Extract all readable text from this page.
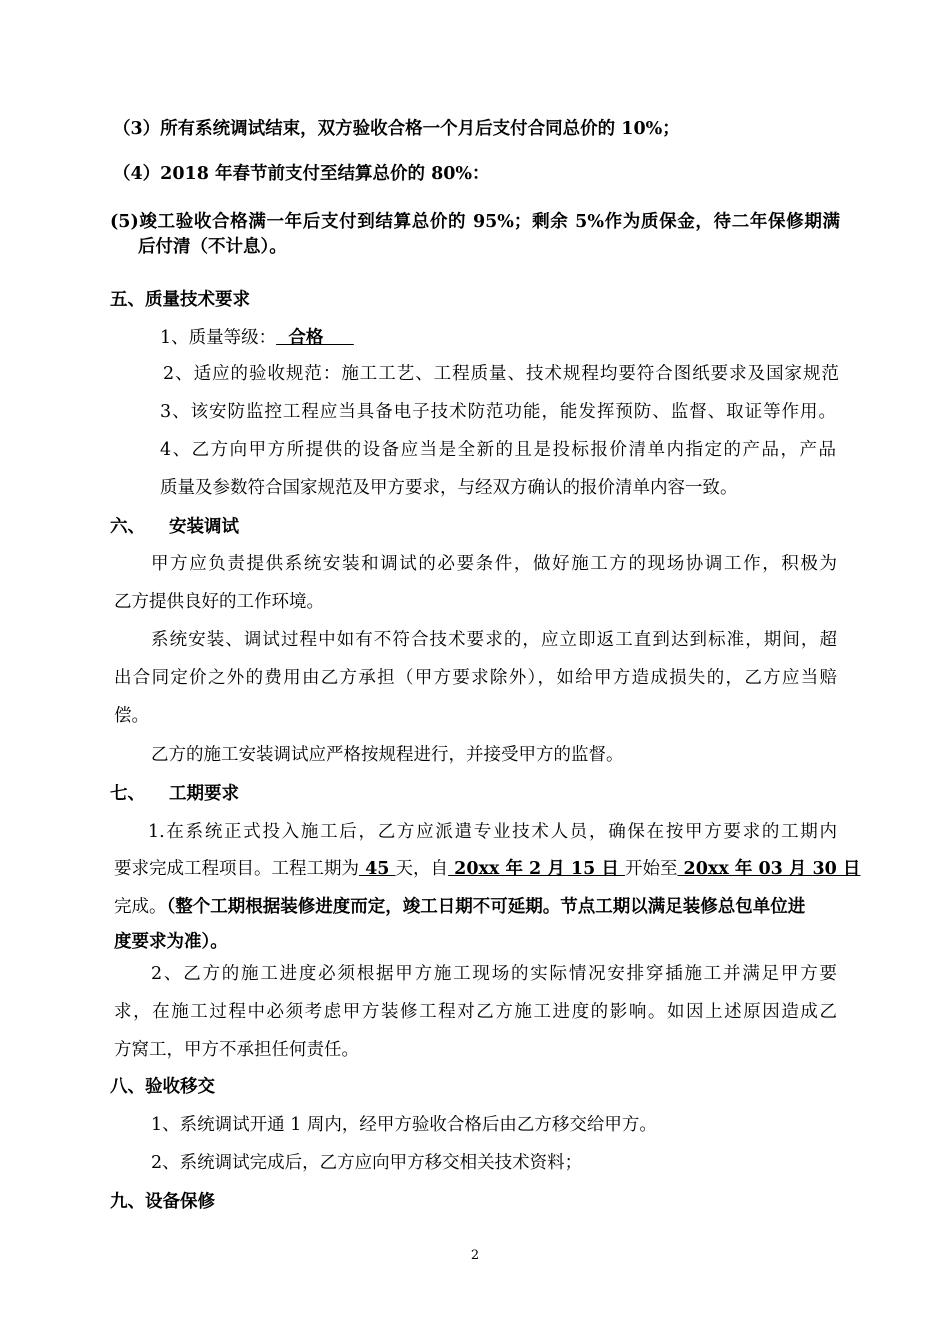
（3）所有系统调试结束，双方验收合格一个月后支付合同总价的 10%；
（4）2018 年春节前支付至结算总价的 80%：
(5)竣工验收合格满一年后支付到结算总价的 95%；剩余 5%作为质保金，待二年保修期满
后付清（不计息）。
五、质量技术要求
1、质量等级：  合格
2、适应的验收规范：施工工艺、工程质量、技术规程均要符合图纸要求及国家规范
3、该安防监控工程应当具备电子技术防范功能，能发挥预防、监督、取证等作用。
4、乙方向甲方所提供的设备应当是全新的且是投标报价清单内指定的产品，产品
质量及参数符合国家规范及甲方要求，与经双方确认的报价清单内容一致。
六、 安装调试
甲方应负责提供系统安装和调试的必要条件，做好施工方的现场协调工作，积极为
乙方提供良好的工作环境。
系统安装、调试过程中如有不符合技术要求的，应立即返工直到达到标准，期间，超
出合同定价之外的费用由乙方承担（甲方要求除外），如给甲方造成损失的，乙方应当赔
偿。
乙方的施工安装调试应严格按规程进行，并接受甲方的监督。
七、 工期要求
1.在系统正式投入施工后，乙方应派遣专业技术人员，确保在按甲方要求的工期内
要求完成工程项目。工程工期为 45 天，自 20xx 年 2 月 15 日 开始至 20xx 年 03 月 30 日
完成。（整个工期根据装修进度而定，竣工日期不可延期。节点工期以满足装修总包单位进
度要求为准）。
2、乙方的施工进度必须根据甲方施工现场的实际情况安排穿插施工并满足甲方要
求，在施工过程中必须考虑甲方装修工程对乙方施工进度的影响。如因上述原因造成乙
方窝工，甲方不承担任何责任。
八、验收移交
1、系统调试开通 1 周内，经甲方验收合格后由乙方移交给甲方。
2、系统调试完成后，乙方应向甲方移交相关技术资料；
九、设备保修
2
